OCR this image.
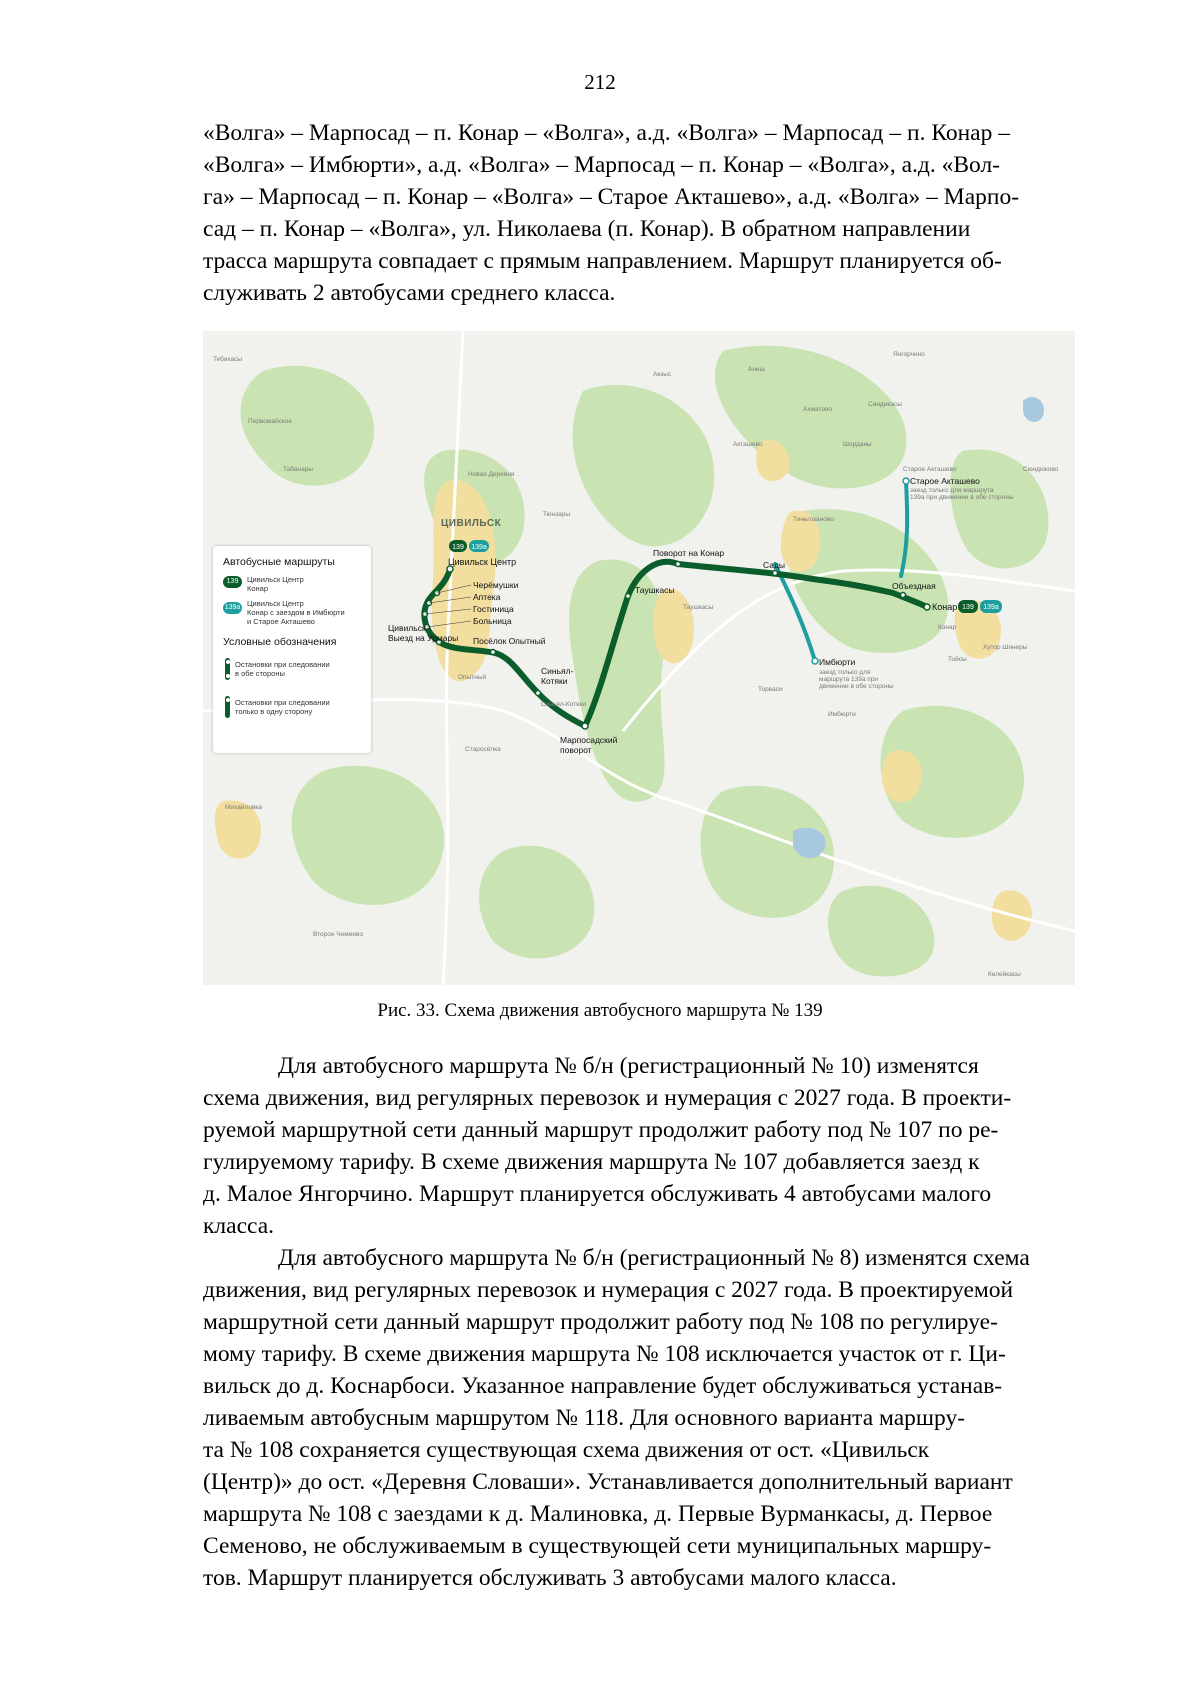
212

«Волга» – Марпосад – п. Конар – «Волга», а.д. «Волга» – Марпосад – п. Конар –

«Волга» – Имбюрти», а.д. «Волга» – Марпосад – п. Конар – «Волга», а.д. «Вол-

га» – Марпосад – п. Конар – «Волга» – Старое Акташево», а.д. «Волга» – Марпо-

сад – п. Конар – «Волга», ул. Николаева (п. Конар). В обратном направлении

трасса маршрута совпадает с прямым направлением. Маршрут планируется об-

служивать 2 автобусами среднего класса.

ЦИВИЛЬСК
139 139а
Цивильск Центр
Черёмушки
Аптека
Гостиница
Больница
Цивильск–
Выезд на Урмары Посёлок Опытный
Синьял-
Котяки
Марпосадский
поворот
Таушкасы
Поворот на Конар
Сады
Объездная
Конар
Имбюрти
заезд только для
маршрута 139а при
движении в обе стороны
Старое Акташево
заезд только для маршрута
139а при движении в обе стороны
139 139а
Тебикасы
Первомайское
Табанары
Опытный
Синьял-Котяки
Старосёлка
Михайловка
Второе Чемеево
Таушкасы
Торваси
Тиньгозаново
Акташево
Ахматово
Имбюрти
Конар
Тойсы
Шорданы
Аниш
Тюнзары
Новая Деревня
Хутор Шинеры
Келейкасы
Синдикасы
Янгорчино
Сюндюково
Старое Акташево
Акзыс
Автобусные маршруты
139	Цивильск Центр
Конар
139а Цивильск Центр
Конар с заездом в Имбюрти
и Старое Акташево
Условные обозначения
Остановки при следовании
в обе стороны
Остановки при следовании
только в одну сторону
Рис. 33. Схема движения автобусного маршрута № 139

Для автобусного маршрута № б/н (регистрационный № 10) изменятся

схема движения, вид регулярных перевозок и нумерация с 2027 года. В проекти-

руемой маршрутной сети данный маршрут продолжит работу под № 107 по ре-

гулируемому тарифу. В схеме движения маршрута № 107 добавляется заезд к

д. Малое Янгорчино. Маршрут планируется обслуживать 4 автобусами малого

класса.

Для автобусного маршрута № б/н (регистрационный № 8) изменятся схема

движения, вид регулярных перевозок и нумерация с 2027 года. В проектируемой

маршрутной сети данный маршрут продолжит работу под № 108 по регулируе-

мому тарифу. В схеме движения маршрута № 108 исключается участок от г. Ци-

вильск до д. Коснарбоси. Указанное направление будет обслуживаться устанав-

ливаемым автобусным маршрутом № 118. Для основного варианта маршру-

та № 108 сохраняется существующая схема движения от ост. «Цивильск

(Центр)» до ост. «Деревня Словаши». Устанавливается дополнительный вариант

маршрута № 108 с заездами к д. Малиновка, д. Первые Вурманкасы, д. Первое

Семеново, не обслуживаемым в существующей сети муниципальных маршру-

тов. Маршрут планируется обслуживать 3 автобусами малого класса.
